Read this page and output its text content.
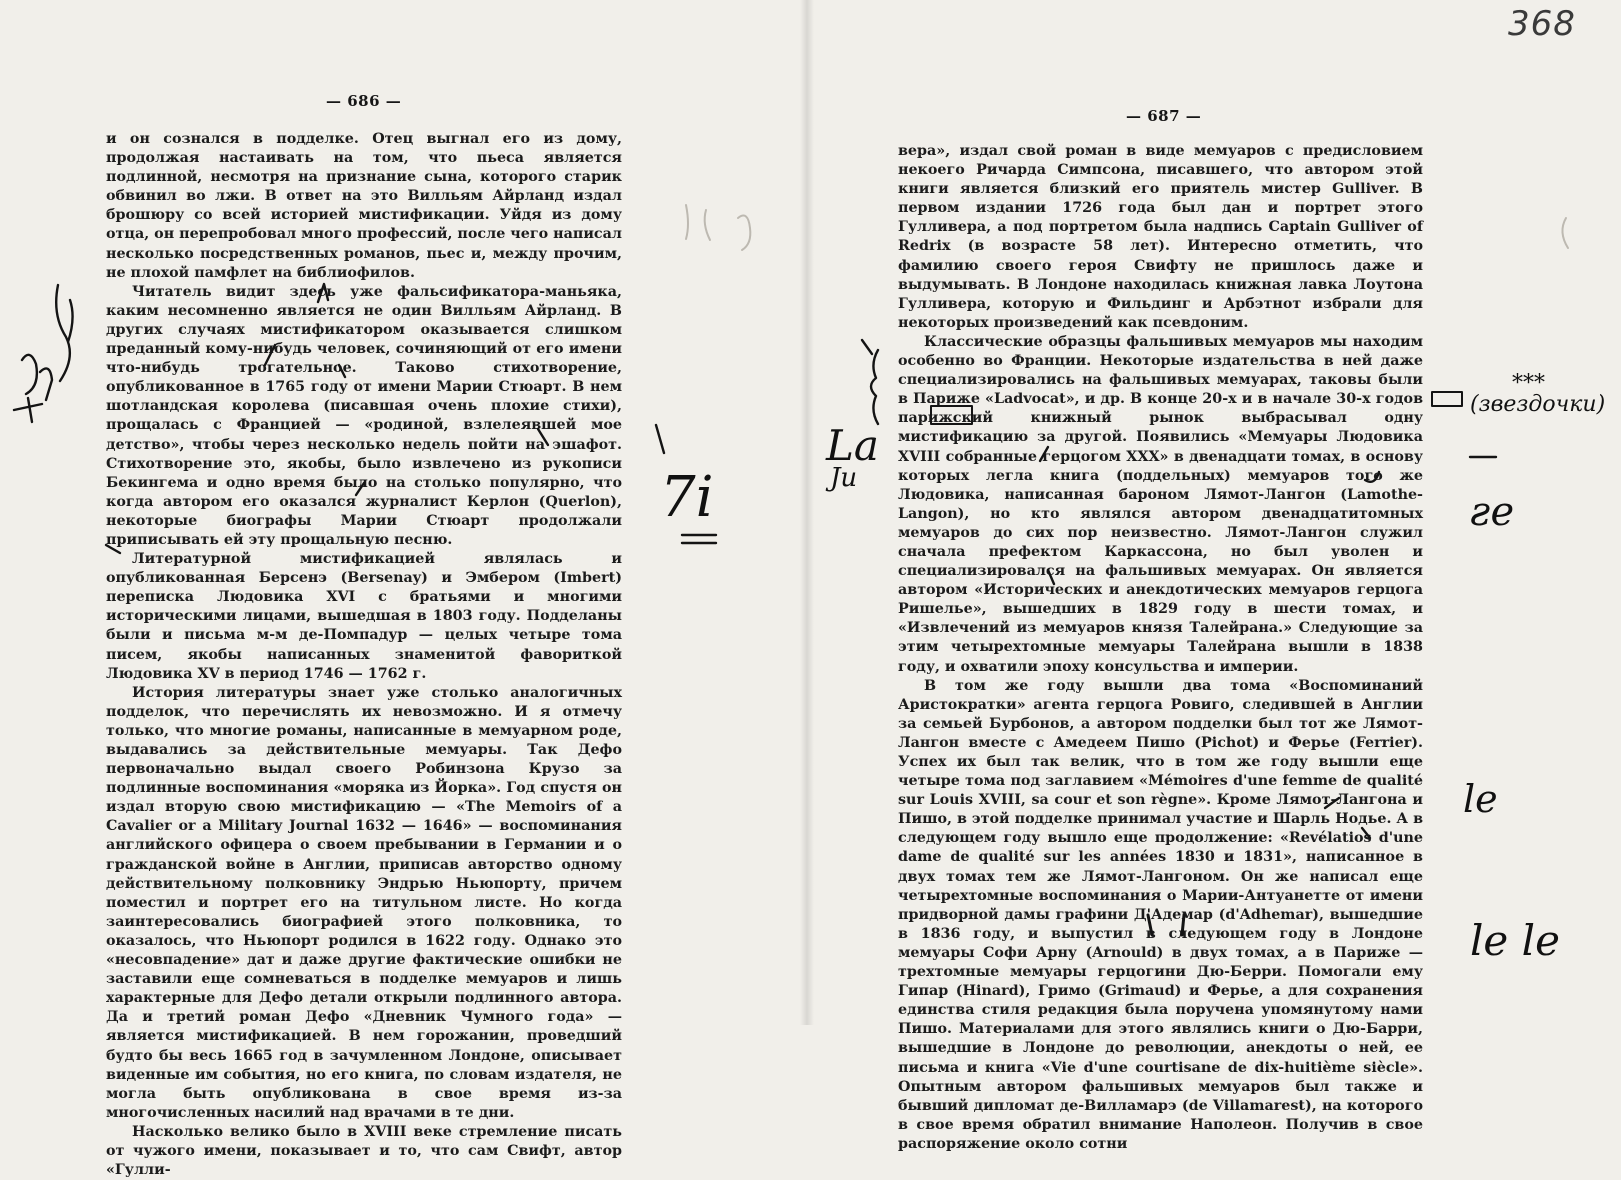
368
— 686 —

и он сознался в подделке. Отец выгнал его из дому, продолжая настаивать на том, что пьеса является подлинной, несмотря на признание сына, которого старик обвинил во лжи. В ответ на это Вилльям Айрланд издал брошюру со всей историей мистификации. Уйдя из дому отца, он перепробовал много профессий, после чего написал несколько посредственных романов, пьес и, между прочим, не плохой памфлет на библиофилов.

Читатель видит здесь уже фальсификатора-маньяка, каким несомненно является не один Вилльям Айрланд. В других случаях мистификатором оказывается слишком преданный кому-нибудь человек, сочиняющий от его имени что-нибудь трогательное. Таково стихотворение, опубликованное в 1765 году от имени Марии Стюарт. В нем шотландская королева (писавшая очень плохие стихи), прощалась с Францией — «родиной, взлелеявшей мое детство», чтобы через несколько недель пойти на эшафот. Стихотворение это, якобы, было извлечено из рукописи Бекингема и одно время было на столько популярно, что когда автором его оказался журналист Керлон (Querlon), некоторые биографы Марии Стюарт продолжали приписывать ей эту прощальную песню.

Литературной мистификацией являлась и опубликованная Берсенэ (Bersenay) и Эмбером (Imbert) переписка Людовика XVI с братьями и многими историческими лицами, вышедшая в 1803 году. Подделаны были и письма м-м де-Помпадур — целых четыре тома писем, якобы написанных знаменитой фавориткой Людовика XV в период 1746 — 1762 г.

История литературы знает уже столько аналогичных подделок, что перечислять их невозможно. И я отмечу только, что многие романы, написанные в мемуарном роде, выдавались за действительные мемуары. Так Дефо первоначально выдал своего Робинзона Крузо за подлинные воспоминания «моряка из Йорка». Год спустя он издал вторую свою мистификацию — «The Memoirs of a Cavalier or a Military Journal 1632 — 1646» — воспоминания английского офицера о своем пребывании в Германии и о гражданской войне в Англии, приписав авторство одному действительному полковнику Эндрью Ньюпорту, причем поместил и портрет его на титульном листе. Но когда заинтересовались биографией этого полковника, то оказалось, что Ньюпорт родился в 1622 году. Однако это «несовпадение» дат и даже другие фактические ошибки не заставили еще сомневаться в подделке мемуаров и лишь характерные для Дефо детали открыли подлинного автора. Да и третий роман Дефо «Дневник Чумного года» — является мистификацией. В нем горожанин, проведший будто бы весь 1665 год в зачумленном Лондоне, описывает виденные им события, но его книга, по словам издателя, не могла быть опубликована в свое время из-за многочисленных насилий над врачами в те дни.

Насколько велико было в XVIII веке стремление писать от чужого имени, показывает и то, что сам Свифт, автор «Гулли-

— 687 —

вера», издал свой роман в виде мемуаров с предисловием некоего Ричарда Симпсона, писавшего, что автором этой книги является близкий его приятель мистер Gulliver. В первом издании 1726 года был дан и портрет этого Гулливера, а под портретом была надпись Captain Gulliver of Redrix (в возрасте 58 лет). Интересно отметить, что фамилию своего героя Свифту не пришлось даже и выдумывать. В Лондоне находилась книжная лавка Лоутона Гулливера, которую и Фильдинг и Арбэтнот избрали для некоторых произведений как псевдоним.

Классические образцы фальшивых мемуаров мы находим особенно во Франции. Некоторые издательства в ней даже специализировались на фальшивых мемуарах, таковы были в Париже «Ladvocat», и др. В конце 20-х и в начале 30-х годов парижский книжный рынок выбрасывал одну мистификацию за другой. Появились «Мемуары Людовика XVIII собранные герцогом XXX» в двенадцати томах, в основу которых легла книга (поддельных) мемуаров того же Людовика, написанная бароном Лямот-Лангон (Lamothe-Langon), но кто являлся автором двенадцатитомных мемуаров до сих пор неизвестно. Лямот-Лангон служил сначала префектом Каркассона, но был уволен и специализировался на фальшивых мемуарах. Он является автором «Исторических и анекдотических мемуаров герцога Ришелье», вышедших в 1829 году в шести томах, и «Извлечений из мемуаров князя Талейрана.» Следующие за этим четырехтомные мемуары Талейрана вышли в 1838 году, и охватили эпоху консульства и империи.

В том же году вышли два тома «Воспоминаний Аристократки» агента герцога Ровиго, следившей в Англии за семьей Бурбонов, а автором подделки был тот же Лямот-Лангон вместе с Амедеем Пишо (Pichot) и Ферье (Ferrier). Успех их был так велик, что в том же году вышли еще четыре тома под заглавием «Mémoires d'une femme de qualité sur Louis XVIII, sa cour et son règne». Кроме Лямот-Лангона и Пишо, в этой подделке принимал участие и Шарль Нодье. А в следующем году вышло еще продолжение: «Revélatios d'une dame de qualité sur les années 1830 и 1831», написанное в двух томах тем же Лямот-Лангоном. Он же написал еще четырехтомные воспоминания о Марии-Антуанетте от имени придворной дамы графини Д'Адемар (d'Adhemar), вышедшие в 1836 году, и выпустил в следующем году в Лондоне мемуары Софи Арну (Arnould) в двух томах, а в Париже — трехтомные мемуары герцогини Дю-Берри. Помогали ему Гипар (Hinard), Гримо (Grimaud) и Ферье, а для сохранения единства стиля редакция была поручена упомянутому нами Пишо. Материалами для этого являлись книги о Дю-Барри, вышедшие в Лондоне до революции, анекдоты о ней, ее письма и книга «Vie d'une courtisane de dix-huitième siècle». Опытным автором фальшивых мемуаров был также и бывший дипломат де-Вилламарэ (de Villamarest), на которого в свое время обратил внимание Наполеон. Получив в свое распоряжение около сотни

La
Ju
7i
***
(звездочки)
le
le le
ƨe
